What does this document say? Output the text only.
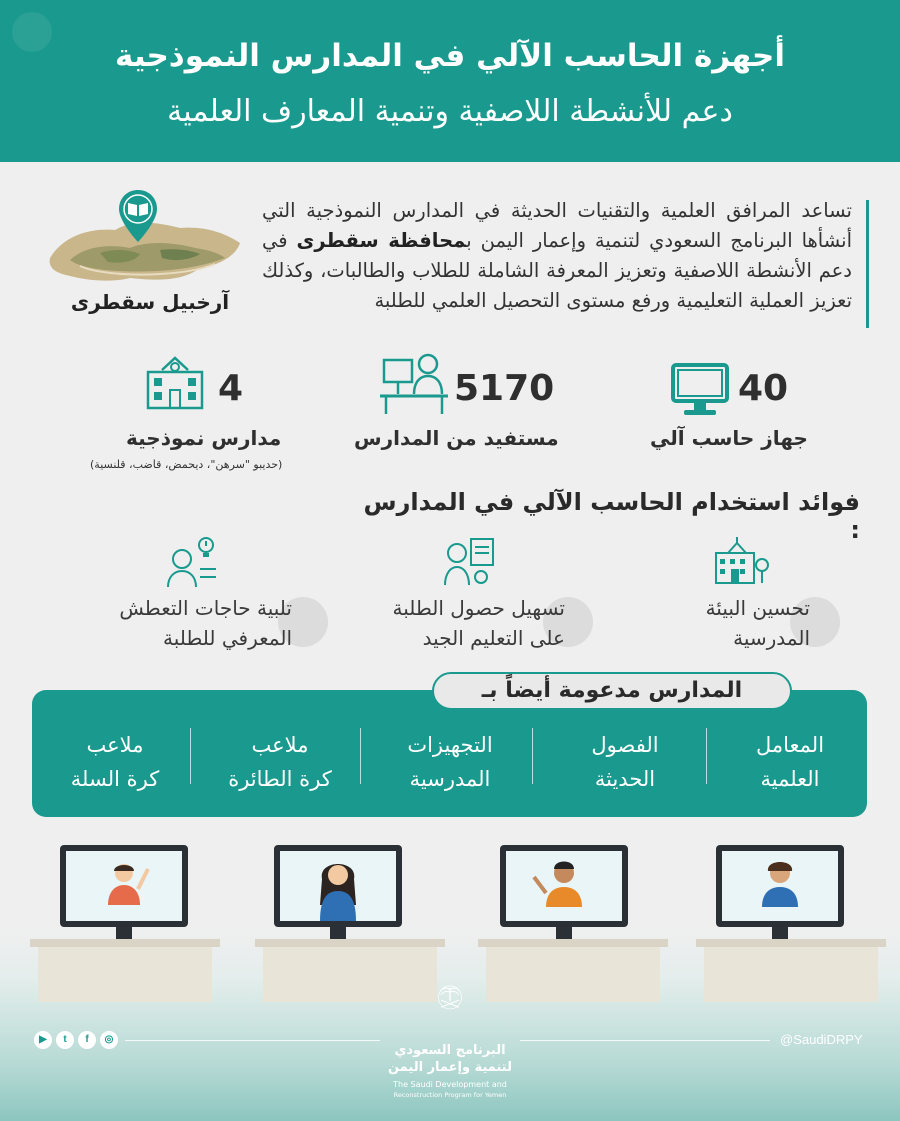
أجهزة الحاسب الآلي في المدارس النموذجية
دعم للأنشطة اللاصفية وتنمية المعارف العلمية
آرخبيل سقطرى
تساعد المرافق العلمية والتقنيات الحديثة في المدارس النموذجية التي أنشأها البرنامج السعودي لتنمية وإعمار اليمن بمحافظة سقطرى في دعم الأنشطة اللاصفية وتعزيز المعرفة الشاملة للطلاب والطالبات، وكذلك تعزيز العملية التعليمية ورفع مستوى التحصيل العلمي للطلبة
40
جهاز حاسب آلي
5170
مستفيد من المدارس
4
مدارس نموذجية
(حديبو "سرهن"، ديحمض، قاضب، قلنسية)
فوائد استخدام الحاسب الآلي في المدارس :
تحسين البيئة
المدرسية
تسهيل حصول الطلبة
على التعليم الجيد
تلبية حاجات التعطش
المعرفي للطلبة
المدارس مدعومة أيضاً بـ
المعامل
العلمية
الفصول
الحديثة
التجهيزات
المدرسية
ملاعب
كرة الطائرة
ملاعب
كرة السلة
البرنامج السعودي
لتنمية وإعمار اليمن
The Saudi Development and
Reconstruction Program for Yemen
@SaudiDRPY
▶	t	f	◎
